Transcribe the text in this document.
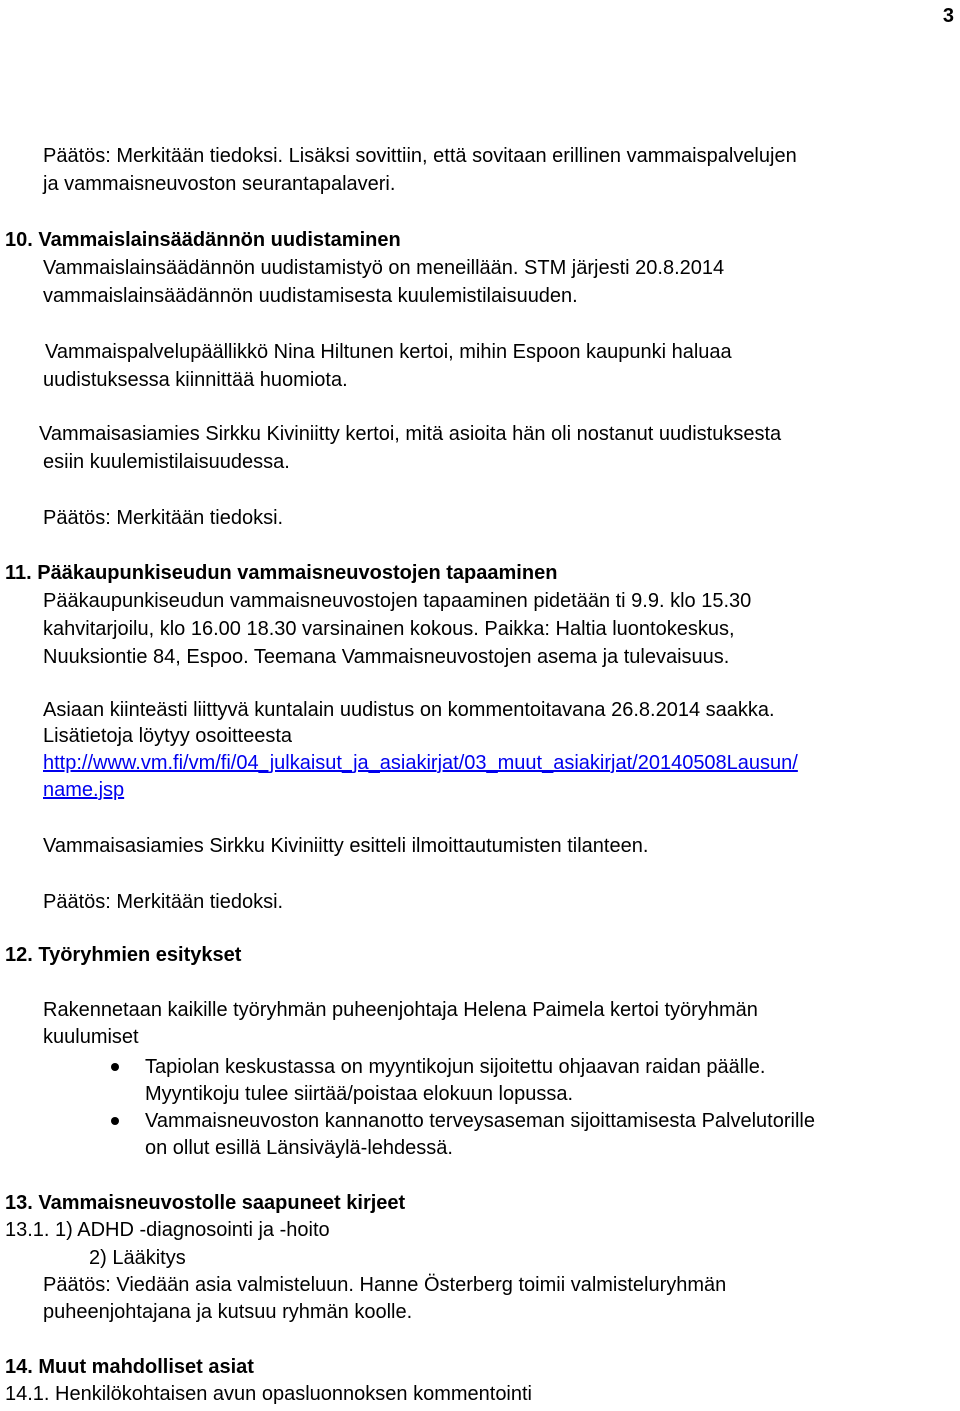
3
Päätös: Merkitään tiedoksi. Lisäksi sovittiin, että sovitaan erillinen vammaispalvelujen
ja vammaisneuvoston seurantapalaveri.
10. Vammaislainsäädännön uudistaminen
Vammaislainsäädännön uudistamistyö on meneillään. STM järjesti 20.8.2014
vammaislainsäädännön uudistamisesta kuulemistilaisuuden.
Vammaispalvelupäällikkö Nina Hiltunen kertoi, mihin Espoon kaupunki haluaa
uudistuksessa kiinnittää huomiota.
Vammaisasiamies Sirkku Kiviniitty kertoi, mitä asioita hän oli nostanut uudistuksesta
esiin kuulemistilaisuudessa.
Päätös: Merkitään tiedoksi.
11. Pääkaupunkiseudun vammaisneuvostojen tapaaminen
Pääkaupunkiseudun vammaisneuvostojen tapaaminen pidetään ti 9.9. klo 15.30
kahvitarjoilu, klo 16.00 18.30 varsinainen kokous. Paikka: Haltia luontokeskus,
Nuuksiontie 84, Espoo. Teemana Vammaisneuvostojen asema ja tulevaisuus.
Asiaan kiinteästi liittyvä kuntalain uudistus on kommentoitavana 26.8.2014 saakka.
Lisätietoja löytyy osoitteesta
http://www.vm.fi/vm/fi/04_julkaisut_ja_asiakirjat/03_muut_asiakirjat/20140508Lausun/
name.jsp
Vammaisasiamies Sirkku Kiviniitty esitteli ilmoittautumisten tilanteen.
Päätös: Merkitään tiedoksi.
12. Työryhmien esitykset
Rakennetaan kaikille työryhmän puheenjohtaja Helena Paimela kertoi työryhmän
kuulumiset
Tapiolan keskustassa on myyntikojun sijoitettu ohjaavan raidan päälle.
Myyntikoju tulee siirtää/poistaa elokuun lopussa.
Vammaisneuvoston kannanotto terveysaseman sijoittamisesta Palvelutorille
on ollut esillä Länsiväylä-lehdessä.
13. Vammaisneuvostolle saapuneet kirjeet
13.1. 1) ADHD -diagnosointi ja -hoito
2) Lääkitys
Päätös: Viedään asia valmisteluun. Hanne Österberg toimii valmisteluryhmän
puheenjohtajana ja kutsuu ryhmän koolle.
14. Muut mahdolliset asiat
14.1. Henkilökohtaisen avun opasluonnoksen kommentointi
